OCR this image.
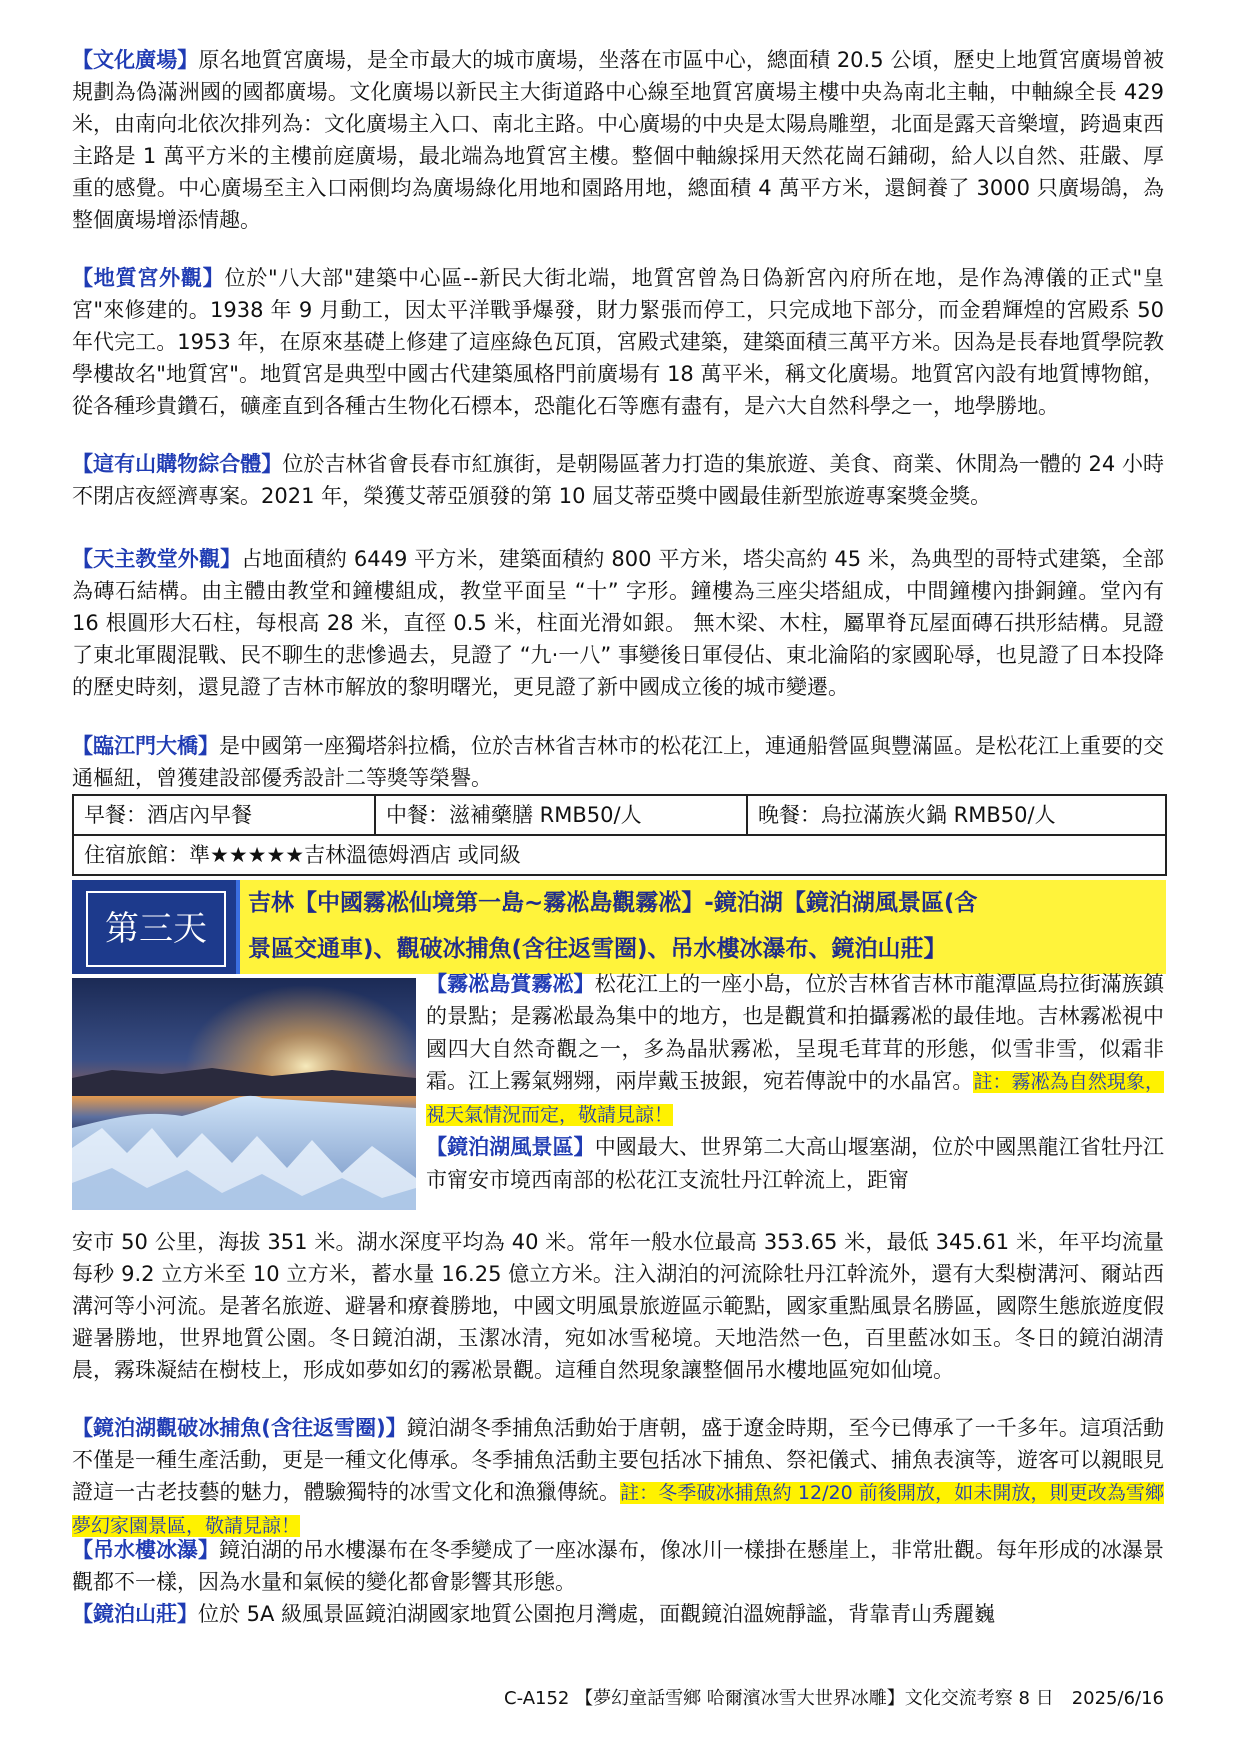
【文化廣場】原名地質宮廣場，是全市最大的城市廣場，坐落在市區中心，總面積 20.5 公頃，歷史上地質宮廣場曾被規劃為偽滿洲國的國都廣場。文化廣場以新民主大街道路中心線至地質宮廣場主樓中央為南北主軸，中軸線全長 429 米，由南向北依次排列為：文化廣場主入口、南北主路。中心廣場的中央是太陽鳥雕塑，北面是露天音樂壇，跨過東西主路是 1 萬平方米的主樓前庭廣場，最北端為地質宮主樓。整個中軸線採用天然花崗石鋪砌，給人以自然、莊嚴、厚重的感覺。中心廣場至主入口兩側均為廣場綠化用地和園路用地，總面積 4 萬平方米，還飼養了 3000 只廣場鴿，為整個廣場增添情趣。
【地質宮外觀】位於"八大部"建築中心區--新民大街北端，地質宮曾為日偽新宮內府所在地，是作為溥儀的正式"皇宮"來修建的。1938 年 9 月動工，因太平洋戰爭爆發，財力緊張而停工，只完成地下部分，而金碧輝煌的宮殿系 50 年代完工。1953 年，在原來基礎上修建了這座綠色瓦頂，宮殿式建築，建築面積三萬平方米。因為是長春地質學院教學樓故名"地質宮"。地質宮是典型中國古代建築風格門前廣場有 18 萬平米，稱文化廣場。地質宮內設有地質博物館，從各種珍貴鑽石，礦產直到各種古生物化石標本，恐龍化石等應有盡有，是六大自然科學之一，地學勝地。
【這有山購物綜合體】位於吉林省會長春市紅旗街，是朝陽區著力打造的集旅遊、美食、商業、休閒為一體的 24 小時不閉店夜經濟專案。2021 年，榮獲艾蒂亞頒發的第 10 屆艾蒂亞獎中國最佳新型旅遊專案獎金獎。
【天主教堂外觀】占地面積約 6449 平方米，建築面積約 800 平方米，塔尖高約 45 米，為典型的哥特式建築，全部為磚石結構。由主體由教堂和鐘樓組成，教堂平面呈 “十” 字形。鐘樓為三座尖塔組成，中間鐘樓內掛銅鐘。堂內有 16 根圓形大石柱，每根高 28 米，直徑 0.5 米，柱面光滑如銀。 無木梁、木柱，屬單脊瓦屋面磚石拱形結構。見證了東北軍閥混戰、民不聊生的悲慘過去，見證了 “九·一八” 事變後日軍侵佔、東北淪陷的家國恥辱，也見證了日本投降的歷史時刻，還見證了吉林市解放的黎明曙光，更見證了新中國成立後的城市變遷。
【臨江門大橋】是中國第一座獨塔斜拉橋，位於吉林省吉林市的松花江上，連通船營區與豐滿區。是松花江上重要的交通樞紐，曾獲建設部優秀設計二等獎等榮譽。
早餐：酒店內早餐	中餐：滋補藥膳 RMB50/人	晚餐：烏拉滿族火鍋 RMB50/人
住宿旅館：準★★★★★吉林溫德姆酒店 或同級
第三天
吉林【中國霧凇仙境第一島~霧凇島觀霧凇】-鏡泊湖【鏡泊湖風景區(含
景區交通車)、觀破冰捕魚(含往返雪圈)、吊水樓冰瀑布、鏡泊山莊】
【霧凇島賞霧凇】松花江上的一座小島，位於吉林省吉林市龍潭區烏拉街滿族鎮的景點；是霧凇最為集中的地方，也是觀賞和拍攝霧凇的最佳地。吉林霧凇視中國四大自然奇觀之一，多為晶狀霧凇，呈現毛茸茸的形態，似雪非雪，似霜非霜。江上霧氣翙翙，兩岸戴玉披銀，宛若傳說中的水晶宮。註：霧凇為自然現象，視天氣情況而定，敬請見諒！
【鏡泊湖風景區】中國最大、世界第二大高山堰塞湖，位於中國黑龍江省牡丹江市甯安市境西南部的松花江支流牡丹江幹流上，距甯
安市 50 公里，海拔 351 米。湖水深度平均為 40 米。常年一般水位最高 353.65 米，最低 345.61 米，年平均流量每秒 9.2 立方米至 10 立方米，蓄水量 16.25 億立方米。注入湖泊的河流除牡丹江幹流外，還有大梨樹溝河、爾站西溝河等小河流。是著名旅遊、避暑和療養勝地，中國文明風景旅遊區示範點，國家重點風景名勝區，國際生態旅遊度假避暑勝地，世界地質公園。冬日鏡泊湖，玉潔冰清，宛如冰雪秘境。天地浩然一色，百里藍冰如玉。冬日的鏡泊湖清晨，霧珠凝結在樹枝上，形成如夢如幻的霧凇景觀。這種自然現象讓整個吊水樓地區宛如仙境。
【鏡泊湖觀破冰捕魚(含往返雪圈)】鏡泊湖冬季捕魚活動始于唐朝，盛于遼金時期，至今已傳承了一千多年。這項活動不僅是一種生產活動，更是一種文化傳承。冬季捕魚活動主要包括冰下捕魚、祭祀儀式、捕魚表演等，遊客可以親眼見證這一古老技藝的魅力，體驗獨特的冰雪文化和漁獵傳統。註：冬季破冰捕魚約 12/20 前後開放，如未開放，則更改為雪鄉夢幻家園景區，敬請見諒！
【吊水樓冰瀑】鏡泊湖的吊水樓瀑布在冬季變成了一座冰瀑布，像冰川一樣掛在懸崖上，非常壯觀。每年形成的冰瀑景觀都不一樣，因為水量和氣候的變化都會影響其形態。
【鏡泊山莊】位於 5A 級風景區鏡泊湖國家地質公園抱月灣處，面觀鏡泊溫婉靜謐，背靠青山秀麗巍
C-A152 【夢幻童話雪鄉 哈爾濱冰雪大世界冰雕】文化交流考察 8 日　2025/6/16
